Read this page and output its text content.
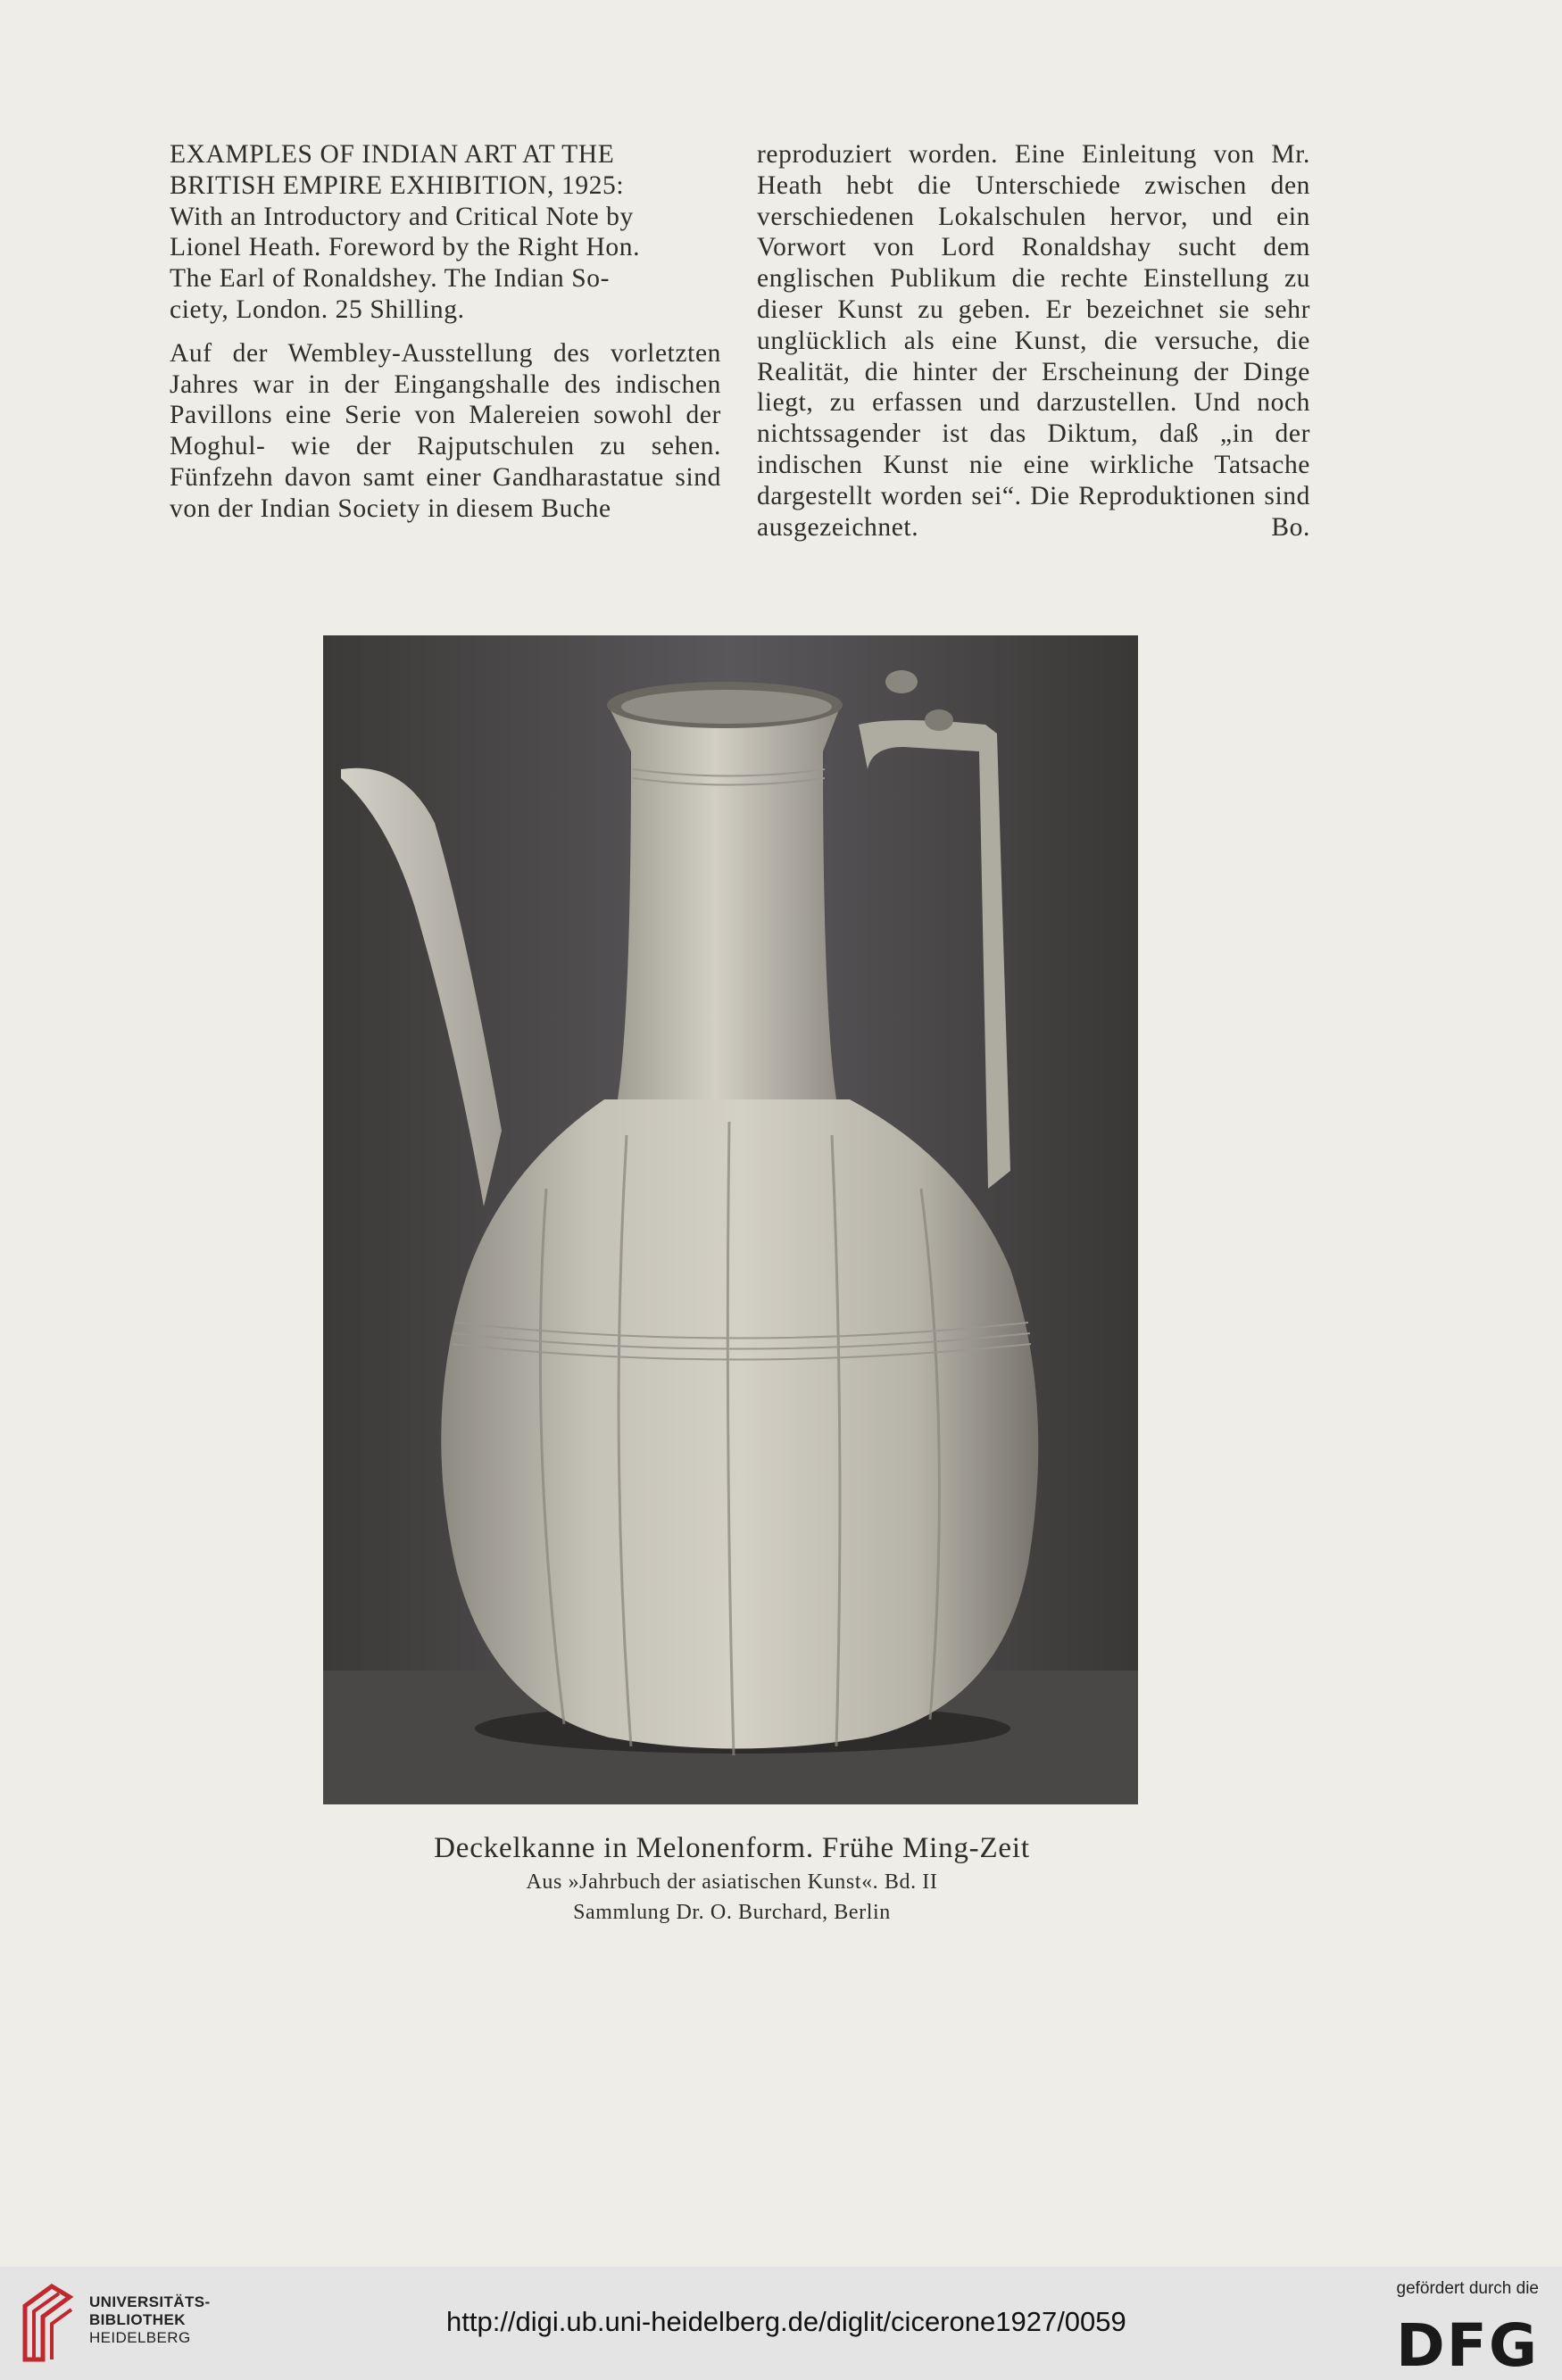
EXAMPLES OF INDIAN ART AT THE

BRITISH EMPIRE EXHIBITION, 1925:

With an Introductory and Critical Note by

Lionel Heath. Foreword by the Right Hon.

The Earl of Ronaldshey. The Indian So-

ciety, London. 25 Shilling.

Auf der Wembley-Ausstellung des vorletzten Jahres war in der Eingangshalle des indischen Pavillons eine Serie von Malereien sowohl der Moghul- wie der Rajputschulen zu sehen. Fünfzehn davon samt einer Gandharastatue sind von der Indian Society in diesem Buche

reproduziert worden. Eine Einleitung von Mr. Heath hebt die Unterschiede zwischen den verschiedenen Lokalschulen hervor, und ein Vorwort von Lord Ronaldshay sucht dem englischen Publikum die rechte Einstellung zu dieser Kunst zu geben. Er bezeichnet sie sehr unglücklich als eine Kunst, die versuche, die Realität, die hinter der Erscheinung der Dinge liegt, zu erfassen und darzustellen. Und noch nichtssagender ist das Diktum, daß „in der indischen Kunst nie eine wirkliche Tatsache dargestellt worden sei“. Die Reproduktionen sind ausgezeichnet.	Bo.

Deckelkanne in Melonenform. Frühe Ming-Zeit
Aus »Jahrbuch der asiatischen Kunst«. Bd. II
Sammlung Dr. O. Burchard, Berlin
UNIVERSITÄTS-
BIBLIOTHEK
HEIDELBERG
http://digi.ub.uni-heidelberg.de/diglit/cicerone1927/0059
gefördert durch die
DFG
